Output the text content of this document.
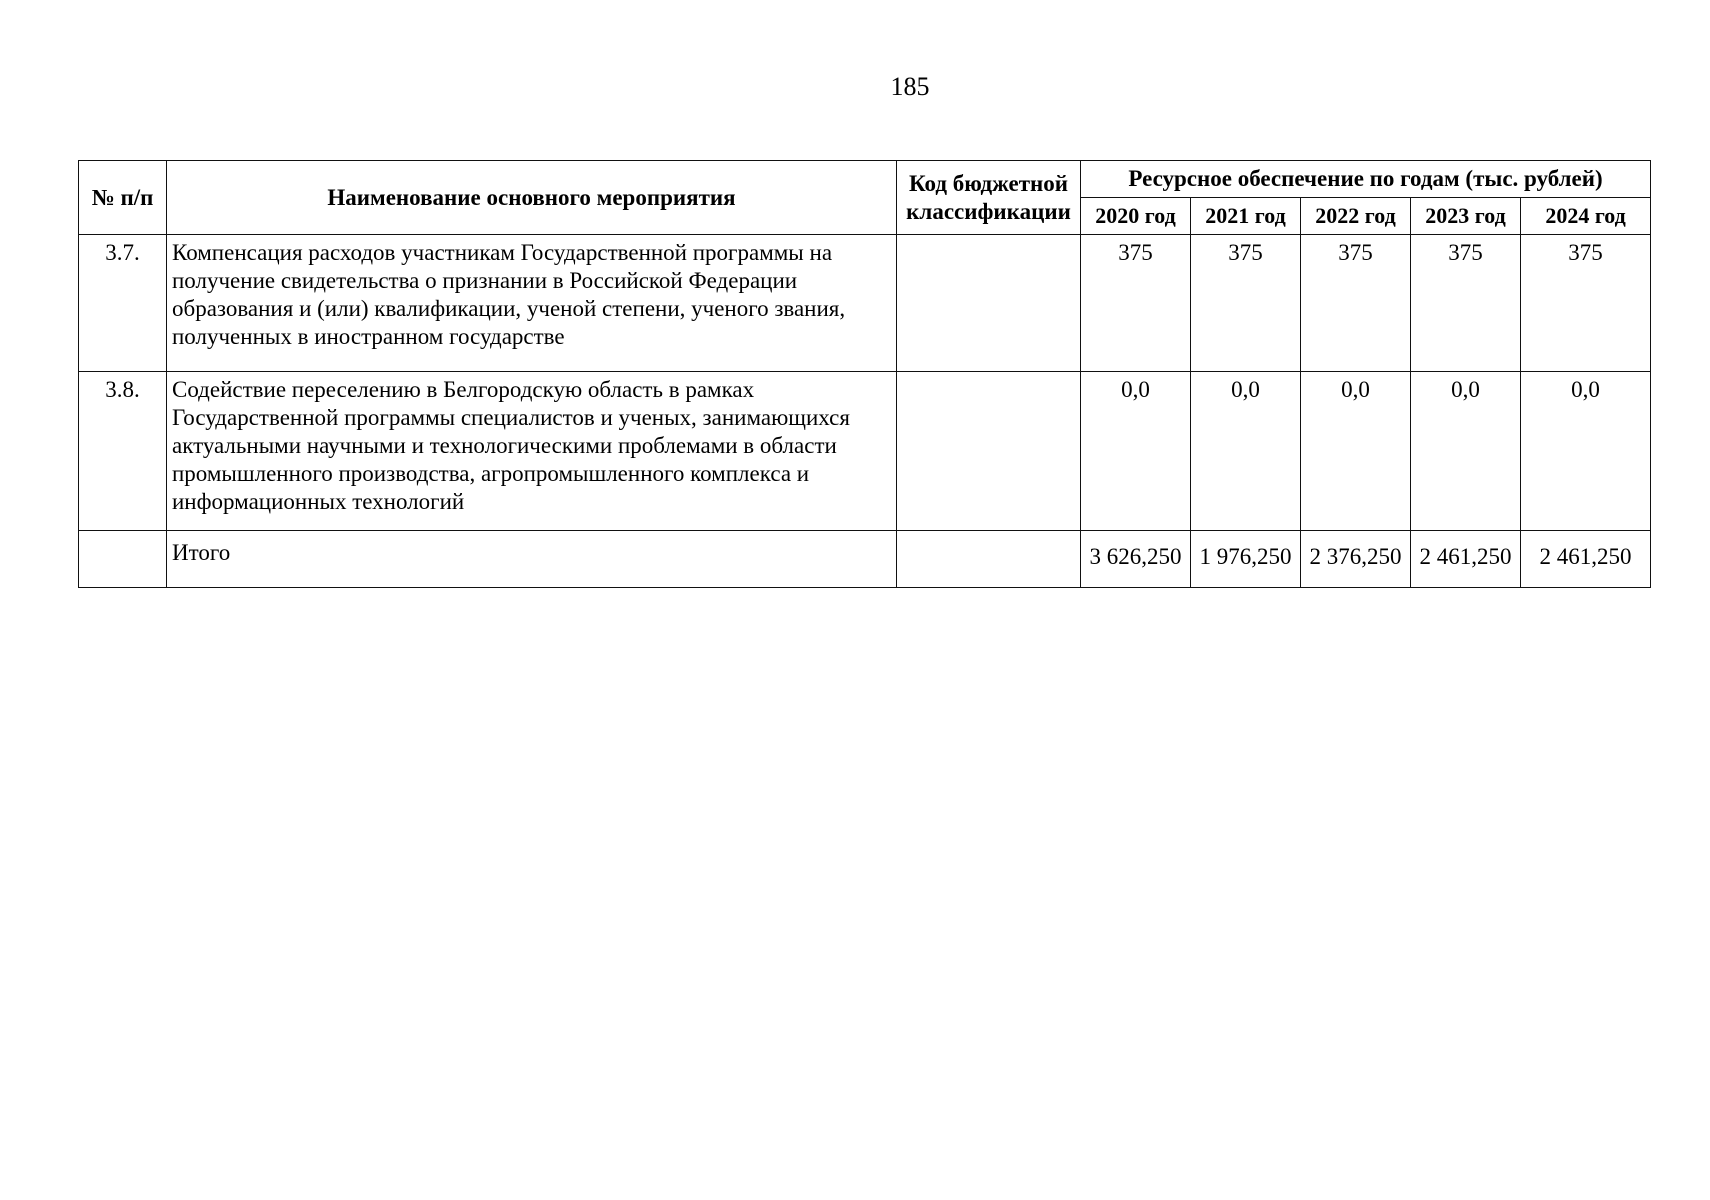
185
№ п/п	Наименование основного мероприятия	Код бюджетной классификации	Ресурсное обеспечение по годам (тыс. рублей)				
			2020 год	2021 год	2022 год	2023 год	2024 год
3.7.	Компенсация расходов участникам Государственной программы на получение свидетельства о признании в Российской Федерации образования и (или) квалификации, ученой степени, ученого звания, полученных в иностранном государстве		375	375	375	375	375
3.8.	Содействие переселению в Белгородскую область в рамках Государственной программы специалистов и ученых, занимающихся актуальными научными и технологическими проблемами в области промышленного производства, агропромышленного комплекса и информационных технологий		0,0	0,0	0,0	0,0	0,0
	Итого		3 626,250	1 976,250	2 376,250	2 461,250	2 461,250
